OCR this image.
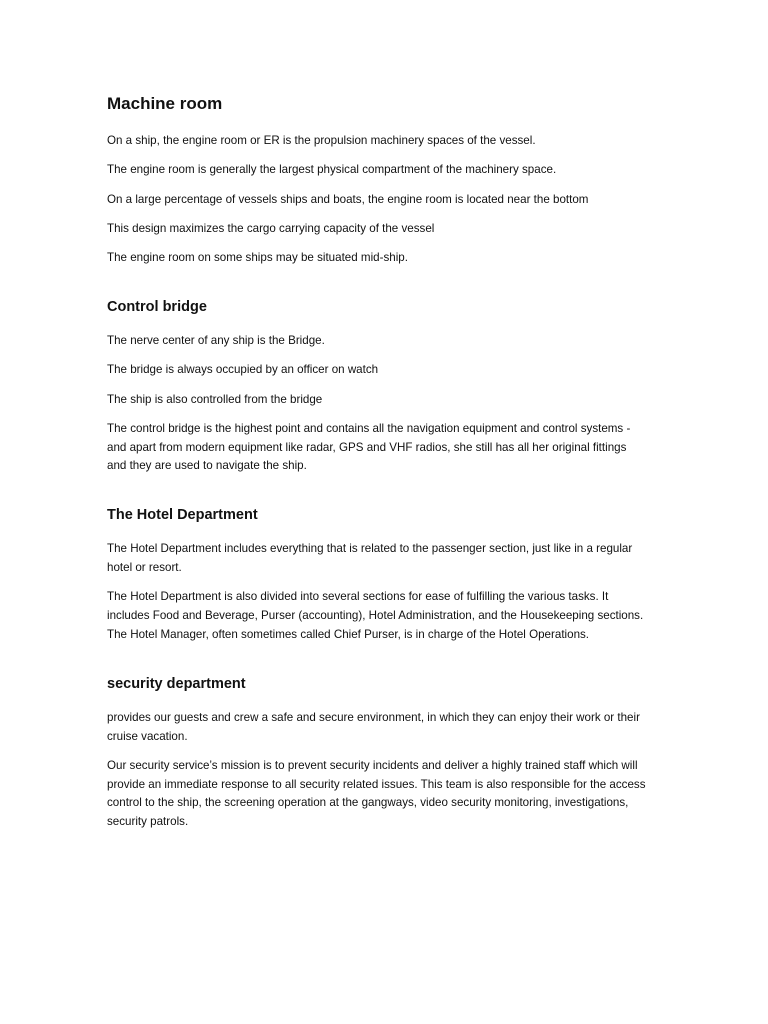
Machine room

On a ship, the engine room or ER is the propulsion machinery spaces of the vessel.

The engine room is generally the largest physical compartment of the machinery space.

On a large percentage of vessels ships and boats, the engine room is located near the bottom

This design maximizes the cargo carrying capacity of the vessel

The engine room on some ships may be situated mid-ship.

Control bridge

The nerve center of any ship is the Bridge.

The bridge is always occupied by an officer on watch

The ship is also controlled from the bridge

The control bridge is the highest point and contains all the navigation equipment and control systems - and apart from modern equipment like radar, GPS and VHF radios, she still has all her original fittings and they are used to navigate the ship.

The Hotel Department

The Hotel Department includes everything that is related to the passenger section, just like in a regular hotel or resort.

The Hotel Department is also divided into several sections for ease of fulfilling the various tasks. It includes Food and Beverage, Purser (accounting), Hotel Administration, and the Housekeeping sections. The Hotel Manager, often sometimes called Chief Purser, is in charge of the Hotel Operations.

security department

provides our guests and crew a safe and secure environment, in which they can enjoy their work or their cruise vacation.

Our security service’s mission is to prevent security incidents and deliver a highly trained staff which will provide an immediate response to all security related issues. This team is also responsible for the access control to the ship, the screening operation at the gangways, video security monitoring, investigations, security patrols.
